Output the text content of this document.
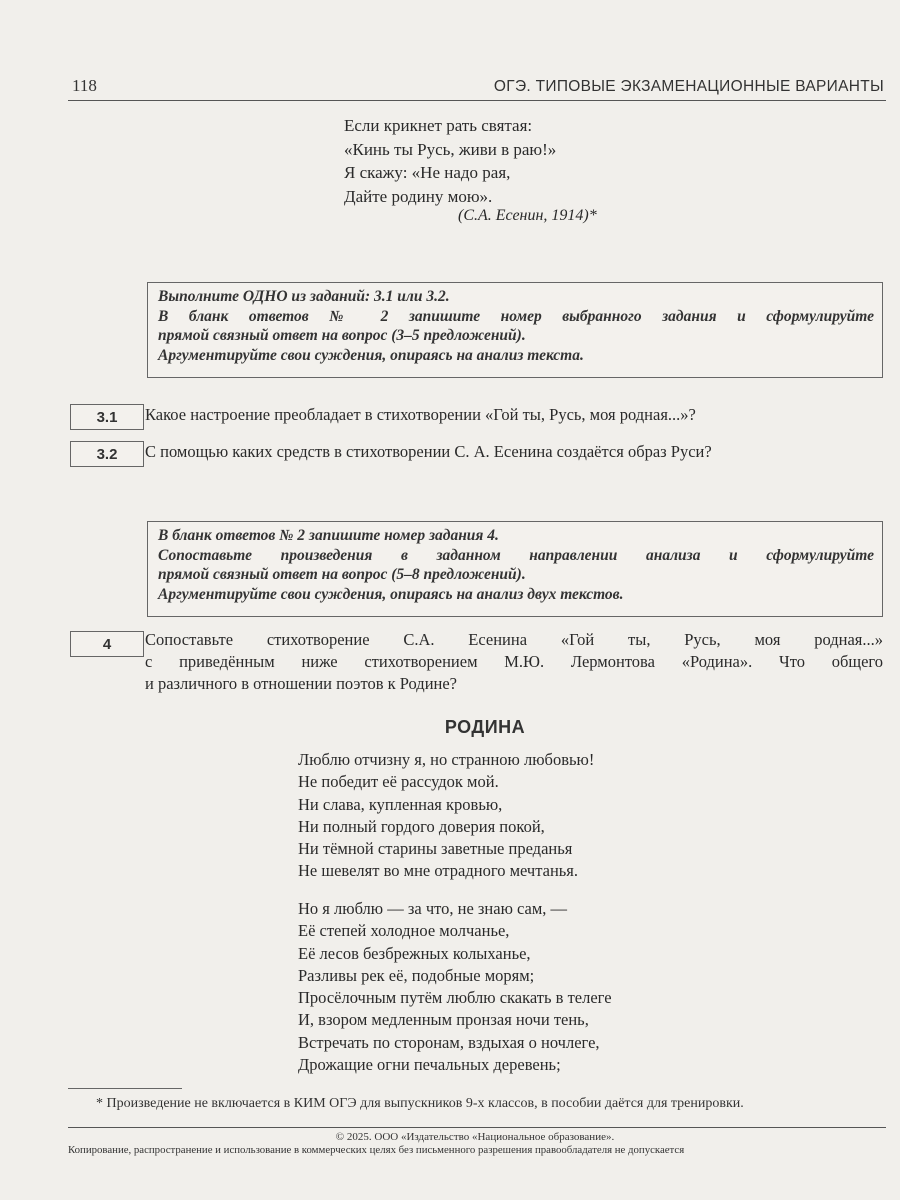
118	ОГЭ. ТИПОВЫЕ ЭКЗАМЕНАЦИОННЫЕ ВАРИАНТЫ
Если крикнет рать святая:
«Кинь ты Русь, живи в раю!»
Я скажу: «Не надо рая,
Дайте родину мою».
(С.А. Есенин, 1914)*
Выполните ОДНО из заданий: 3.1 или 3.2.
В бланк ответов № 2 запишите номер выбранного задания и сформулируйте
прямой связный ответ на вопрос (3–5 предложений).
Аргументируйте свои суждения, опираясь на анализ текста.
3.1	Какое настроение преобладает в стихотворении «Гой ты, Русь, моя родная...»?
3.2	С помощью каких средств в стихотворении С. А. Есенина создаётся образ Руси?
В бланк ответов № 2 запишите номер задания 4.
Сопоставьте произведения в заданном направлении анализа и сформулируйте
прямой связный ответ на вопрос (5–8 предложений).
Аргументируйте свои суждения, опираясь на анализ двух текстов.
4	Сопоставьте стихотворение С.А. Есенина «Гой ты, Русь, моя родная...»
с приведённым ниже стихотворением М.Ю. Лермонтова «Родина». Что общего
и различного в отношении поэтов к Родине?
РОДИНА
Люблю отчизну я, но странною любовью!
Не победит её рассудок мой.
Ни слава, купленная кровью,
Ни полный гордого доверия покой,
Ни тёмной старины заветные преданья
Не шевелят во мне отрадного мечтанья.
Но я люблю — за что, не знаю сам, —
Её степей холодное молчанье,
Её лесов безбрежных колыханье,
Разливы рек её, подобные морям;
Просёлочным путём люблю скакать в телеге
И, взором медленным пронзая ночи тень,
Встречать по сторонам, вздыхая о ночлеге,
Дрожащие огни печальных деревень;
* Произведение не включается в КИМ ОГЭ для выпускников 9-х классов, в пособии даётся для тренировки.
© 2025. ООО «Издательство «Национальное образование».
Копирование, распространение и использование в коммерческих целях без письменного разрешения правообладателя не допускается
